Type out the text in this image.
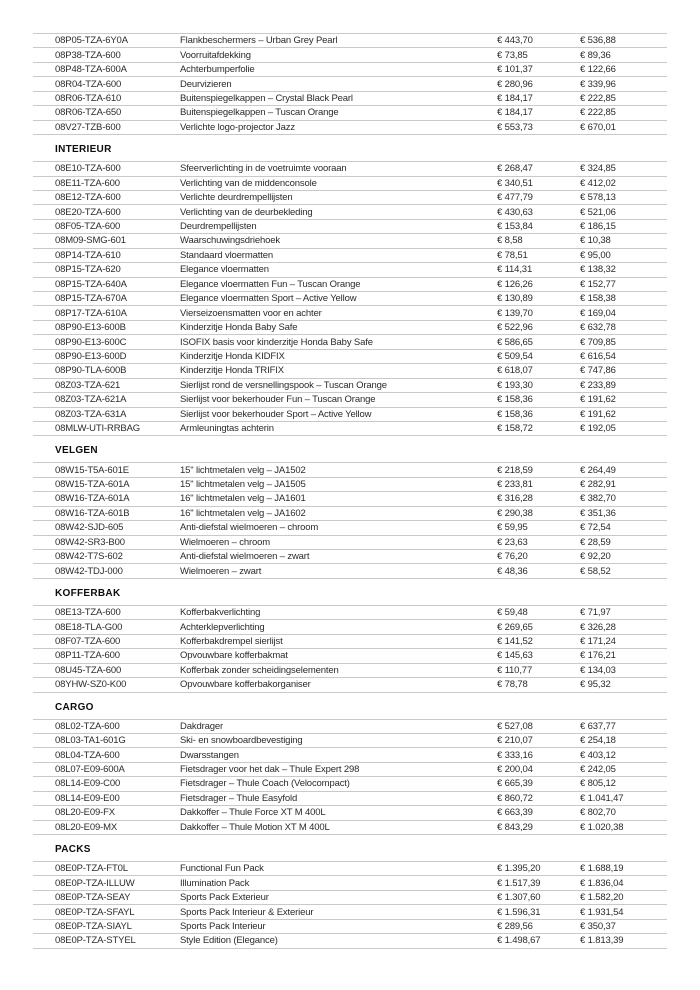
08P05-TZA-6Y0A	Flankbeschermers – Urban Grey Pearl	€ 443,70	€ 536,88
08P38-TZA-600	Voorruitafdekking	€ 73,85	€ 89,36
08P48-TZA-600A	Achterbumperfolie	€ 101,37	€ 122,66
08R04-TZA-600	Deurvizieren	€ 280,96	€ 339,96
08R06-TZA-610	Buitenspiegelkappen – Crystal Black Pearl	€ 184,17	€ 222,85
08R06-TZA-650	Buitenspiegelkappen – Tuscan Orange	€ 184,17	€ 222,85
08V27-TZB-600	Verlichte logo-projector Jazz	€ 553,73	€ 670,01
INTERIEUR
08E10-TZA-600	Sfeerverlichting in de voetruimte vooraan	€ 268,47	€ 324,85
08E11-TZA-600	Verlichting van de middenconsole	€ 340,51	€ 412,02
08E12-TZA-600	Verlichte deurdrempellijsten	€ 477,79	€ 578,13
08E20-TZA-600	Verlichting van de deurbekleding	€ 430,63	€ 521,06
08F05-TZA-600	Deurdrempellijsten	€ 153,84	€ 186,15
08M09-SMG-601	Waarschuwingsdriehoek	€ 8,58	€ 10,38
08P14-TZA-610	Standaard vloermatten	€ 78,51	€ 95,00
08P15-TZA-620	Elegance vloermatten	€ 114,31	€ 138,32
08P15-TZA-640A	Elegance vloermatten Fun – Tuscan Orange	€ 126,26	€ 152,77
08P15-TZA-670A	Elegance vloermatten Sport – Active Yellow	€ 130,89	€ 158,38
08P17-TZA-610A	Vierseizoensmatten voor en achter	€ 139,70	€ 169,04
08P90-E13-600B	Kinderzitje Honda Baby Safe	€ 522,96	€ 632,78
08P90-E13-600C	ISOFIX basis voor kinderzitje Honda Baby Safe	€ 586,65	€ 709,85
08P90-E13-600D	Kinderzitje Honda KIDFIX	€ 509,54	€ 616,54
08P90-TLA-600B	Kinderzitje Honda TRIFIX	€ 618,07	€ 747,86
08Z03-TZA-621	Sierlijst rond de versnellingspook – Tuscan Orange	€ 193,30	€ 233,89
08Z03-TZA-621A	Sierlijst voor bekerhouder Fun – Tuscan Orange	€ 158,36	€ 191,62
08Z03-TZA-631A	Sierlijst voor bekerhouder Sport – Active Yellow	€ 158,36	€ 191,62
08MLW-UTI-RRBAG	Armleuningtas achterin	€ 158,72	€ 192,05
VELGEN
08W15-T5A-601E	15" lichtmetalen velg – JA1502	€ 218,59	€ 264,49
08W15-TZA-601A	15" lichtmetalen velg – JA1505	€ 233,81	€ 282,91
08W16-TZA-601A	16" lichtmetalen velg – JA1601	€ 316,28	€ 382,70
08W16-TZA-601B	16" lichtmetalen velg – JA1602	€ 290,38	€ 351,36
08W42-SJD-605	Anti-diefstal wielmoeren – chroom	€ 59,95	€ 72,54
08W42-SR3-B00	Wielmoeren – chroom	€ 23,63	€ 28,59
08W42-T7S-602	Anti-diefstal wielmoeren – zwart	€ 76,20	€ 92,20
08W42-TDJ-000	Wielmoeren – zwart	€ 48,36	€ 58,52
KOFFERBAK
08E13-TZA-600	Kofferbakverlichting	€ 59,48	€ 71,97
08E18-TLA-G00	Achterklepverlichting	€ 269,65	€ 326,28
08F07-TZA-600	Kofferbakdrempel sierlijst	€ 141,52	€ 171,24
08P11-TZA-600	Opvouwbare kofferbakmat	€ 145,63	€ 176,21
08U45-TZA-600	Kofferbak zonder scheidingselementen	€ 110,77	€ 134,03
08YHW-SZ0-K00	Opvouwbare kofferbakorganiser	€ 78,78	€ 95,32
CARGO
08L02-TZA-600	Dakdrager	€ 527,08	€ 637,77
08L03-TA1-601G	Ski- en snowboardbevestiging	€ 210,07	€ 254,18
08L04-TZA-600	Dwarsstangen	€ 333,16	€ 403,12
08L07-E09-600A	Fietsdrager voor het dak – Thule Expert 298	€ 200,04	€ 242,05
08L14-E09-C00	Fietsdrager – Thule Coach (Velocompact)	€ 665,39	€ 805,12
08L14-E09-E00	Fietsdrager – Thule Easyfold	€ 860,72	€ 1.041,47
08L20-E09-FX	Dakkoffer – Thule Force XT M 400L	€ 663,39	€ 802,70
08L20-E09-MX	Dakkoffer – Thule Motion XT M 400L	€ 843,29	€ 1.020,38
PACKS
08E0P-TZA-FT0L	Functional Fun Pack	€ 1.395,20	€ 1.688,19
08E0P-TZA-ILLUW	Illumination Pack	€ 1.517,39	€ 1.836,04
08E0P-TZA-SEAY	Sports Pack Exterieur	€ 1.307,60	€ 1.582,20
08E0P-TZA-SFAYL	Sports Pack Interieur & Exterieur	€ 1.596,31	€ 1.931,54
08E0P-TZA-SIAYL	Sports Pack Interieur	€ 289,56	€ 350,37
08E0P-TZA-STYEL	Style Edition (Elegance)	€ 1.498,67	€ 1.813,39
